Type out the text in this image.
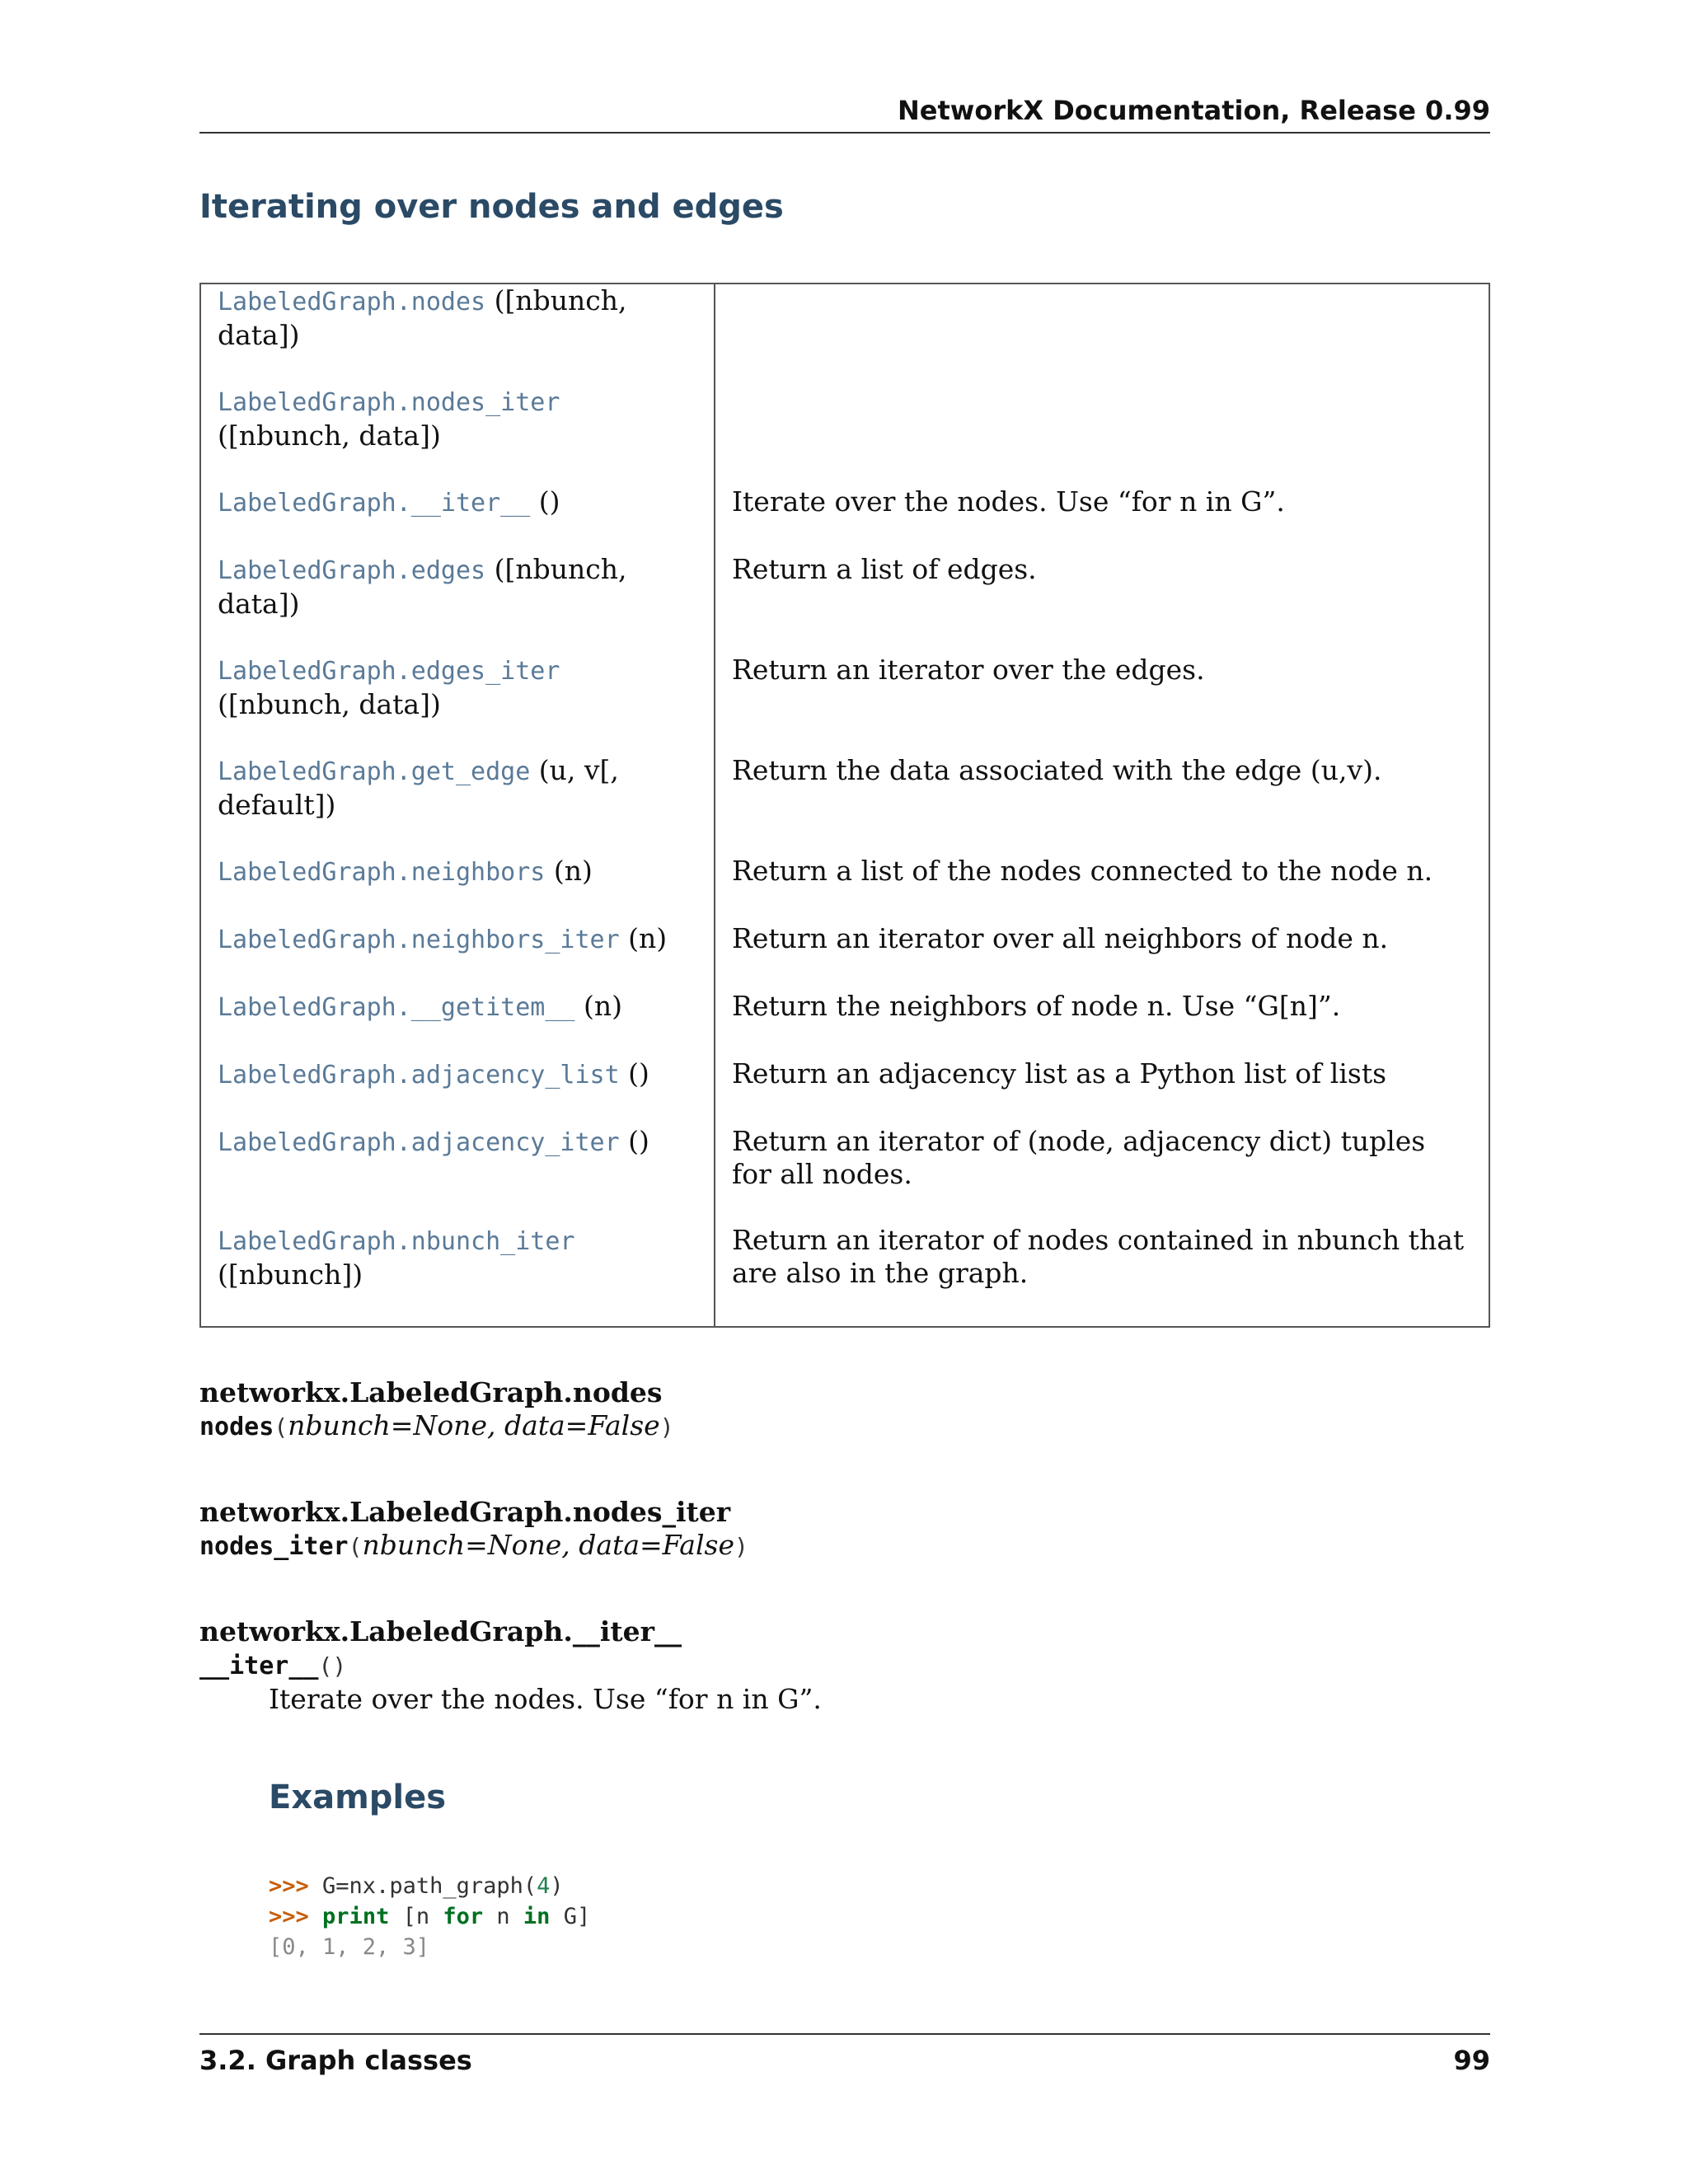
NetworkX Documentation, Release 0.99
Iterating over nodes and edges
LabeledGraph.nodes ([nbunch, data])	
LabeledGraph.nodes_iter ([nbunch, data])	
LabeledGraph.__iter__ ()	Iterate over the nodes. Use “for n in G”.
LabeledGraph.edges ([nbunch, data])	Return a list of edges.
LabeledGraph.edges_iter ([nbunch, data])	Return an iterator over the edges.
LabeledGraph.get_edge (u, v[, default])	Return the data associated with the edge (u,v).
LabeledGraph.neighbors (n)	Return a list of the nodes connected to the node n.
LabeledGraph.neighbors_iter (n)	Return an iterator over all neighbors of node n.
LabeledGraph.__getitem__ (n)	Return the neighbors of node n. Use “G[n]”.
LabeledGraph.adjacency_list ()	Return an adjacency list as a Python list of lists
LabeledGraph.adjacency_iter ()	Return an iterator of (node, adjacency dict) tuples for all nodes.
LabeledGraph.nbunch_iter ([nbunch])	Return an iterator of nodes contained in nbunch that are also in the graph.
networkx.LabeledGraph.nodes
nodes(nbunch=None, data=False)
networkx.LabeledGraph.nodes_iter
nodes_iter(nbunch=None, data=False)
networkx.LabeledGraph.__iter__
__iter__()
Iterate over the nodes. Use “for n in G”.
Examples
>>> G=nx.path_graph(4)
>>> print [n for n in G]
[0, 1, 2, 3]
3.2. Graph classes	99
